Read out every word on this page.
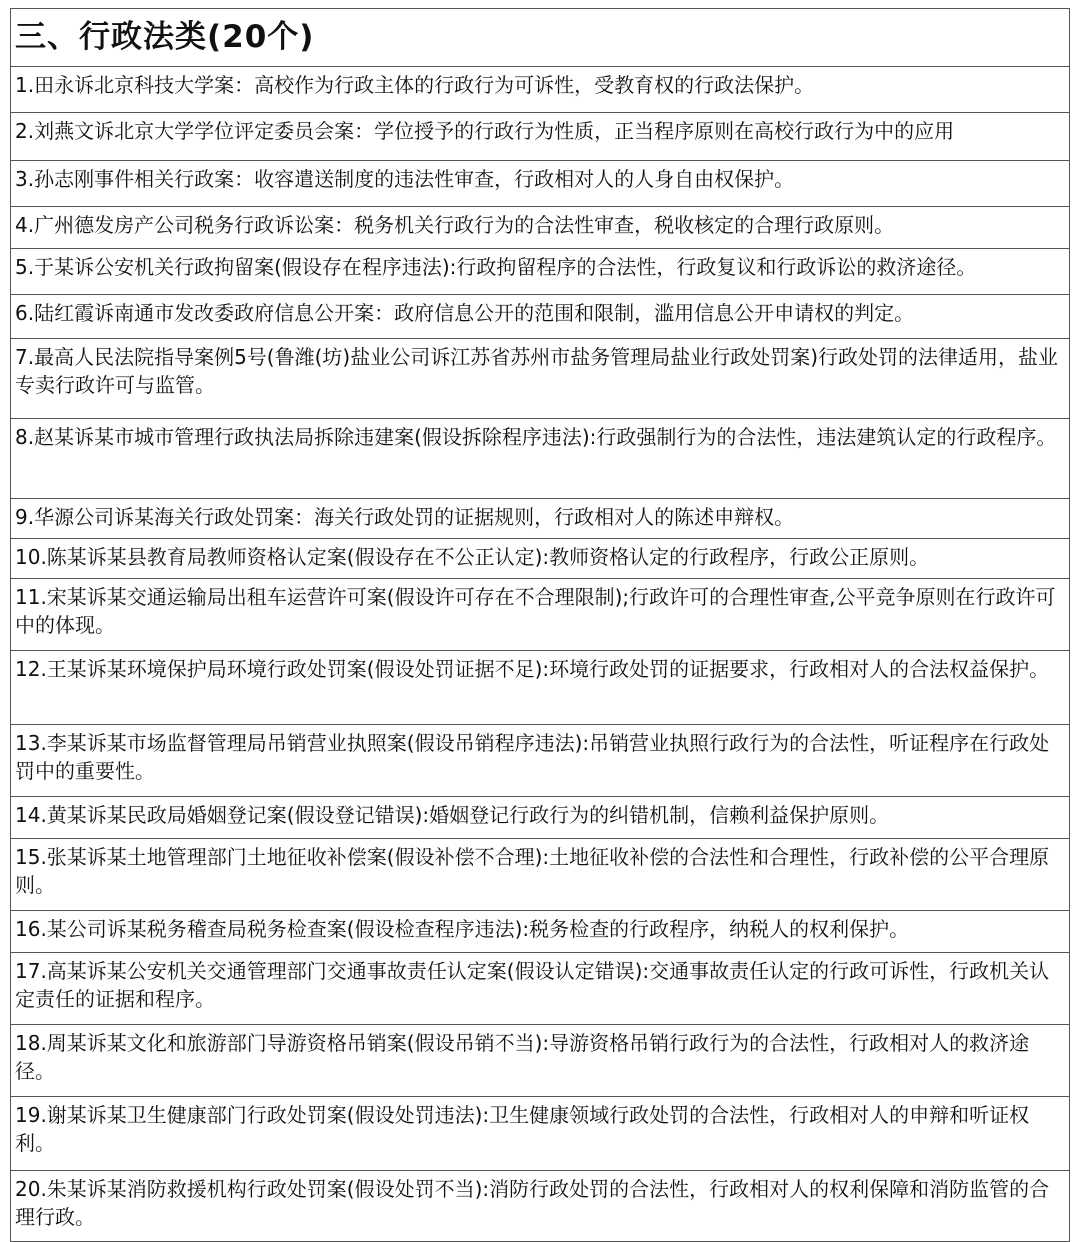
三、行政法类(20个)
1.田永诉北京科技大学案：高校作为行政主体的行政行为可诉性，受教育权的行政法保护。
2.刘燕文诉北京大学学位评定委员会案：学位授予的行政行为性质，正当程序原则在高校行政行为中的应用
3.孙志刚事件相关行政案：收容遣送制度的违法性审查，行政相对人的人身自由权保护。
4.广州德发房产公司税务行政诉讼案：税务机关行政行为的合法性审查，税收核定的合理行政原则。
5.于某诉公安机关行政拘留案(假设存在程序违法):行政拘留程序的合法性，行政复议和行政诉讼的救济途径。
6.陆红霞诉南通市发改委政府信息公开案：政府信息公开的范围和限制，滥用信息公开申请权的判定。
7.最高人民法院指导案例5号(鲁潍(坊)盐业公司诉江苏省苏州市盐务管理局盐业行政处罚案)行政处罚的法律适用，盐业专卖行政许可与监管。
8.赵某诉某市城市管理行政执法局拆除违建案(假设拆除程序违法):行政强制行为的合法性，违法建筑认定的行政程序。
9.华源公司诉某海关行政处罚案：海关行政处罚的证据规则，行政相对人的陈述申辩权。
10.陈某诉某县教育局教师资格认定案(假设存在不公正认定):教师资格认定的行政程序，行政公正原则。
11.宋某诉某交通运输局出租车运营许可案(假设许可存在不合理限制);行政许可的合理性审查,公平竞争原则在行政许可中的体现。
12.王某诉某环境保护局环境行政处罚案(假设处罚证据不足):环境行政处罚的证据要求，行政相对人的合法权益保护。
13.李某诉某市场监督管理局吊销营业执照案(假设吊销程序违法):吊销营业执照行政行为的合法性，听证程序在行政处罚中的重要性。
14.黄某诉某民政局婚姻登记案(假设登记错误):婚姻登记行政行为的纠错机制，信赖利益保护原则。
15.张某诉某土地管理部门土地征收补偿案(假设补偿不合理):土地征收补偿的合法性和合理性，行政补偿的公平合理原则。
16.某公司诉某税务稽查局税务检查案(假设检查程序违法):税务检查的行政程序，纳税人的权利保护。
17.高某诉某公安机关交通管理部门交通事故责任认定案(假设认定错误):交通事故责任认定的行政可诉性，行政机关认定责任的证据和程序。
18.周某诉某文化和旅游部门导游资格吊销案(假设吊销不当):导游资格吊销行政行为的合法性，行政相对人的救济途径。
19.谢某诉某卫生健康部门行政处罚案(假设处罚违法):卫生健康领域行政处罚的合法性，行政相对人的申辩和听证权利。
20.朱某诉某消防救援机构行政处罚案(假设处罚不当):消防行政处罚的合法性，行政相对人的权利保障和消防监管的合理行政。
